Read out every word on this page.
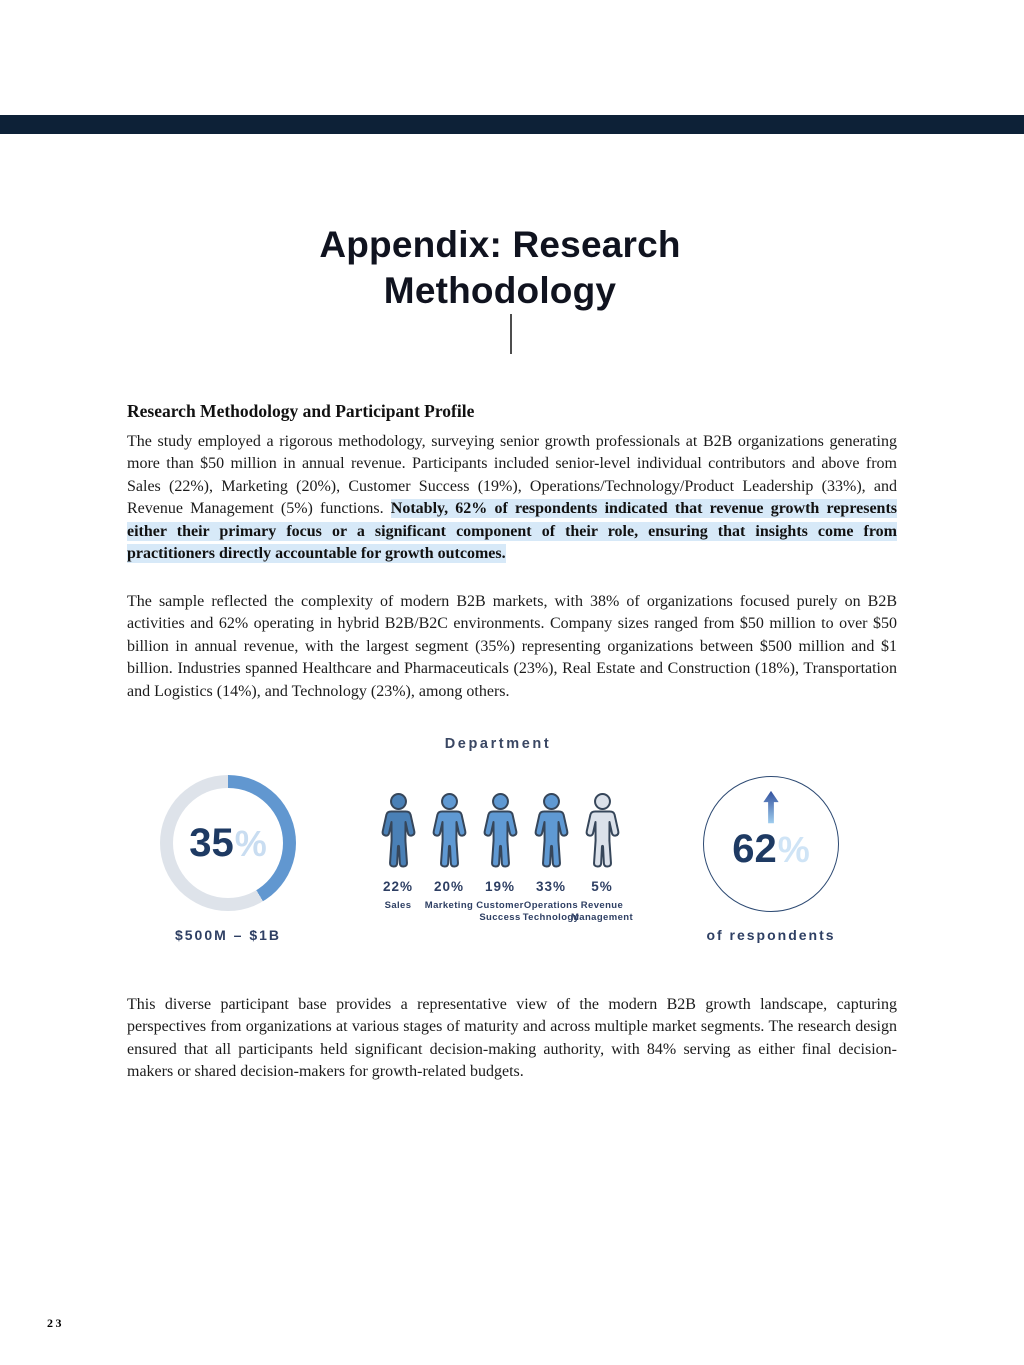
Appendix: Research
Methodology
Research Methodology and Participant Profile

The study employed a rigorous methodology, surveying senior growth professionals at B2B organizations generating more than $50 million in annual revenue. Participants included senior-level individual contributors and above from Sales (22%), Marketing (20%), Customer Success (19%), Operations/Technology/Product Leadership (33%), and Revenue Management (5%) functions. Notably, 62% of respondents indicated that revenue growth represents either their primary focus or a significant component of their role, ensuring that insights come from practitioners directly accountable for growth outcomes.

The sample reflected the complexity of modern B2B markets, with 38% of organizations focused purely on B2B activities and 62% operating in hybrid B2B/B2C environments. Company sizes ranged from $50 million to over $50 billion in annual revenue, with the largest segment (35%) representing organizations between $500 million and $1 billion. Industries spanned Healthcare and Pharmaceuticals (23%), Real Estate and Construction (18%), Transportation and Logistics (14%), and Technology (23%), among others.

Department
35%
$500M – $1B
22%
Sales
20%
Marketing
19%
Customer Success
33%
Operations Technology
5%
Revenue Management
62%
of respondents

This diverse participant base provides a representative view of the modern B2B growth landscape, capturing perspectives from organizations at various stages of maturity and across multiple market segments. The research design ensured that all participants held significant decision-making authority, with 84% serving as either final decision-makers or shared decision-makers for growth-related budgets.

23
